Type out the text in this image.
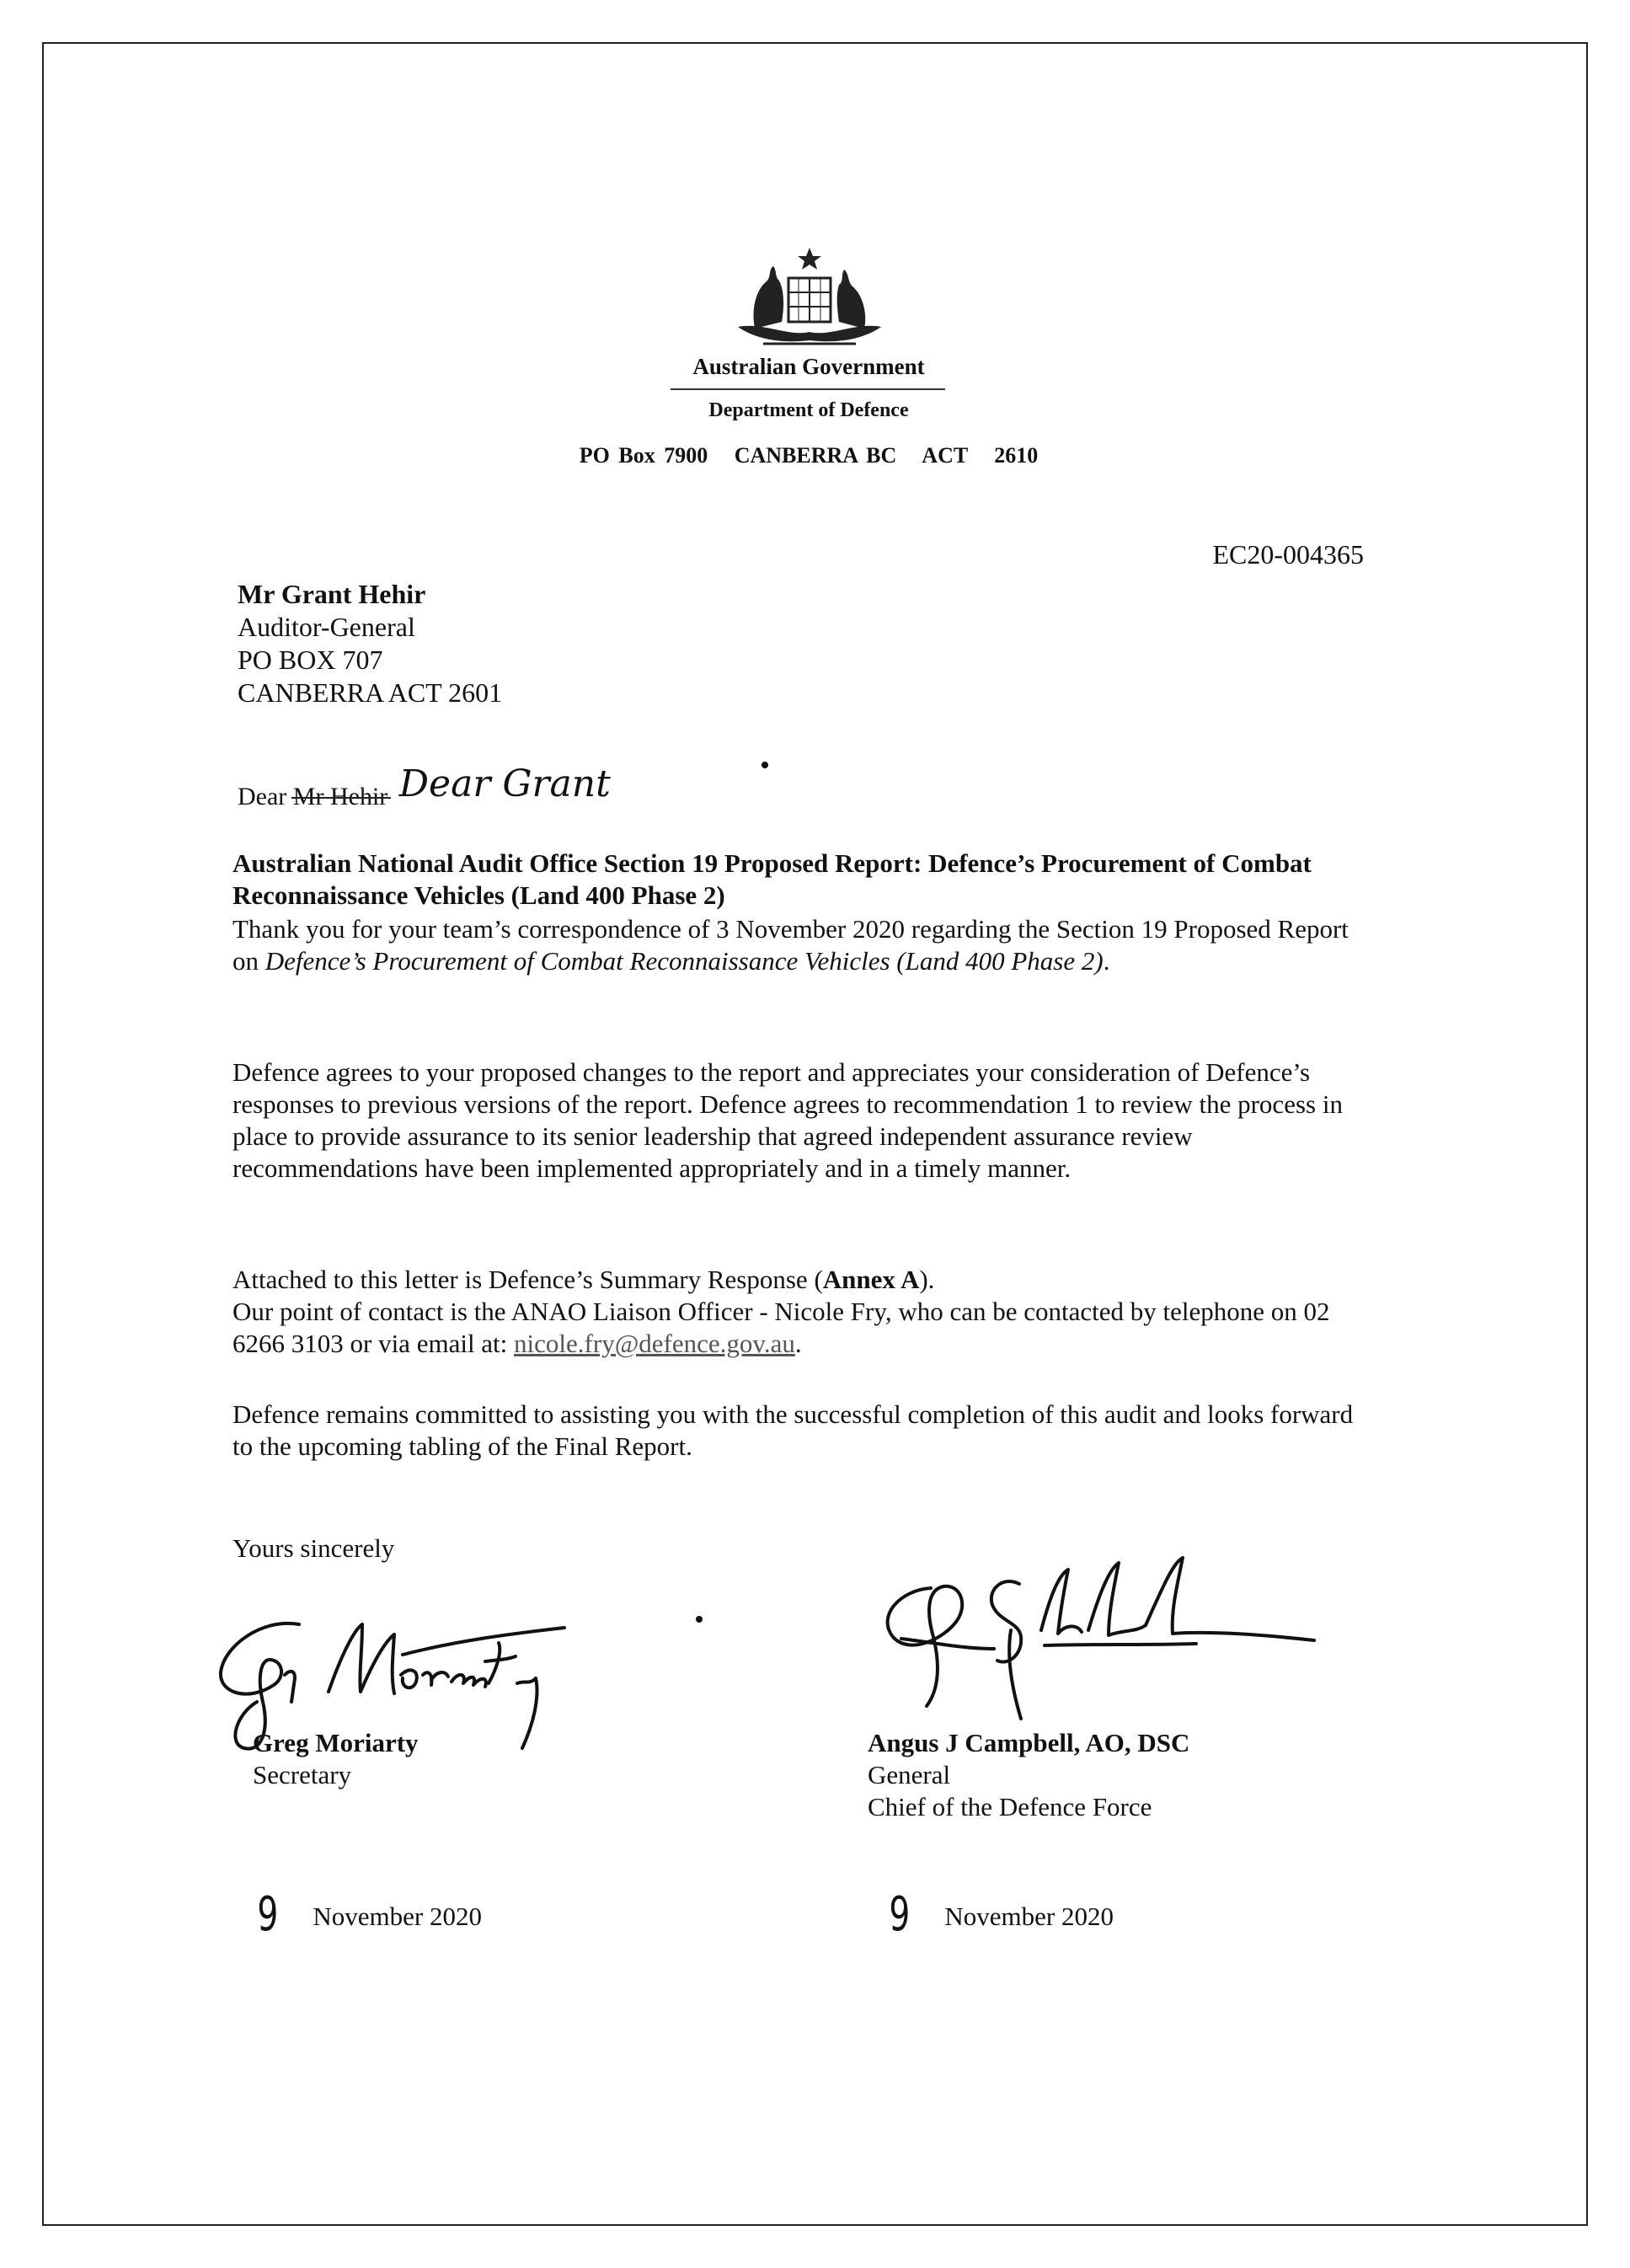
Australian Government
Department of Defence
PO Box 7900   CANBERRA BC   ACT   2610
EC20-004365
Mr Grant Hehir
Auditor-General
PO BOX 707
CANBERRA ACT 2601
Dear Mr Hehir Dear Grant
Australian National Audit Office Section 19 Proposed Report: Defence’s Procurement of Combat Reconnaissance Vehicles (Land 400 Phase 2)
Thank you for your team’s correspondence of 3 November 2020 regarding the Section 19 Proposed Report on Defence’s Procurement of Combat Reconnaissance Vehicles (Land 400 Phase 2).
Defence agrees to your proposed changes to the report and appreciates your consideration of Defence’s responses to previous versions of the report. Defence agrees to recommendation 1 to review the process in place to provide assurance to its senior leadership that agreed independent assurance review recommendations have been implemented appropriately and in a timely manner.
Attached to this letter is Defence’s Summary Response (Annex A).
Our point of contact is the ANAO Liaison Officer - Nicole Fry, who can be contacted by telephone on 02 6266 3103 or via email at: nicole.fry@defence.gov.au.
Defence remains committed to assisting you with the successful completion of this audit and looks forward to the upcoming tabling of the Final Report.
Yours sincerely
Greg Moriarty
Secretary
Angus J Campbell, AO, DSC
General
Chief of the Defence Force
9 November 2020	9 November 2020
